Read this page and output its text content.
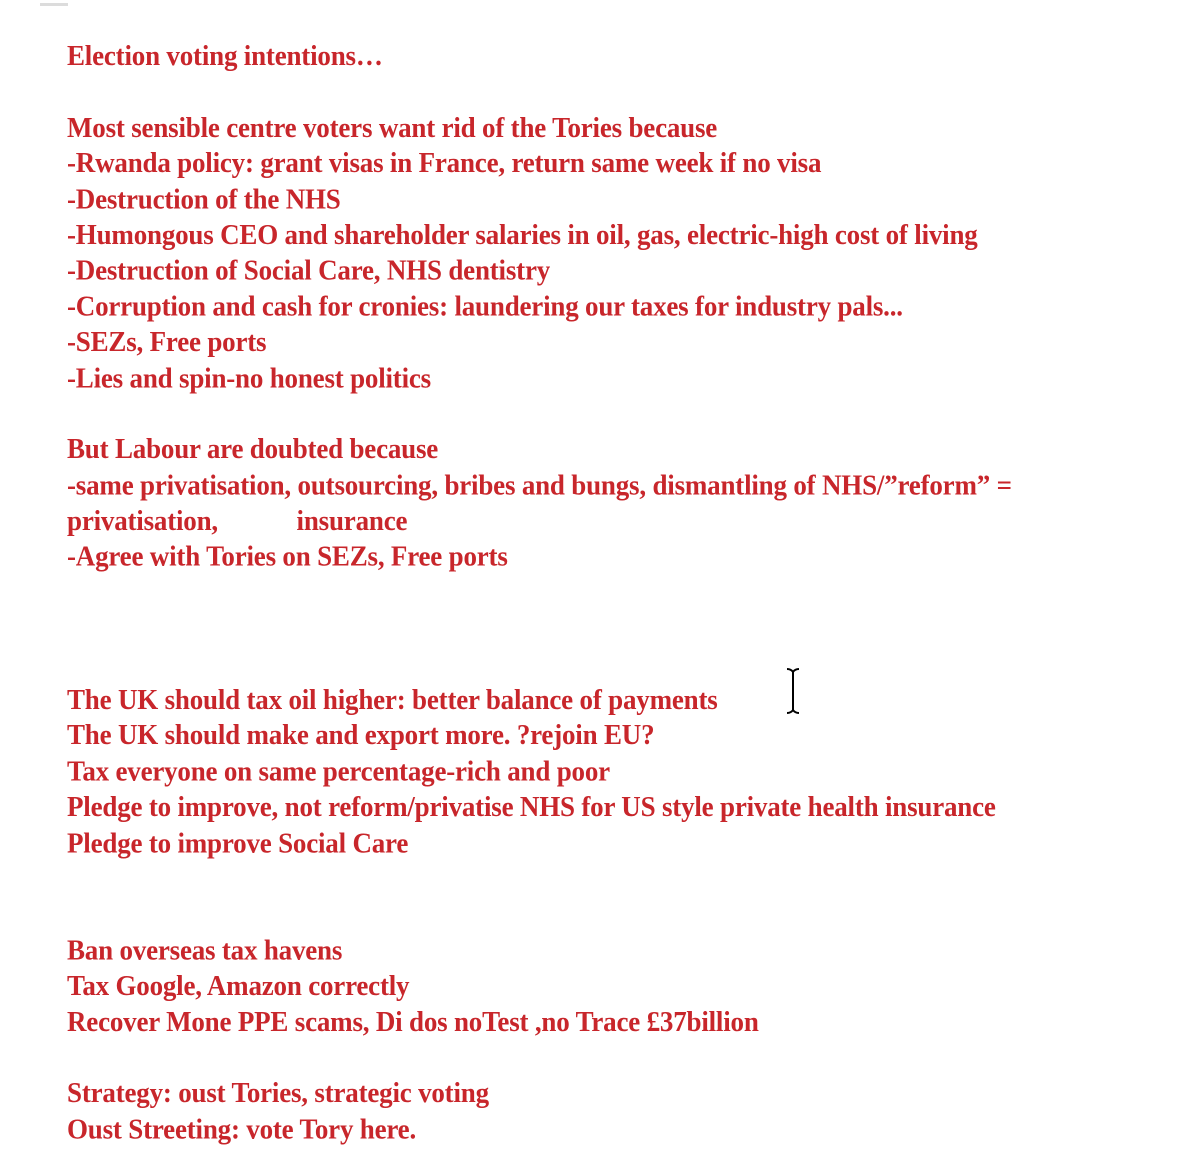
Election voting intentions…
Most sensible centre voters want rid of the Tories because
-Rwanda policy: grant visas in France, return same week if no visa
-Destruction of the NHS
-Humongous CEO and shareholder salaries in oil, gas, electric-high cost of living
-Destruction of Social Care, NHS dentistry
-Corruption and cash for cronies: laundering our taxes for industry pals...
-SEZs, Free ports
-Lies and spin-no honest politics
But Labour are doubted because
-same privatisation, outsourcing, bribes and bungs, dismantling of NHS/”reform” =
privatisation,            insurance
-Agree with Tories on SEZs, Free ports
The UK should tax oil higher: better balance of payments
The UK should make and export more. ?rejoin EU?
Tax everyone on same percentage-rich and poor
Pledge to improve, not reform/privatise NHS for US style private health insurance
Pledge to improve Social Care
Ban overseas tax havens
Tax Google, Amazon correctly
Recover Mone PPE scams, Di dos noTest ,no Trace £37billion
Strategy: oust Tories, strategic voting
Oust Streeting: vote Tory here.
